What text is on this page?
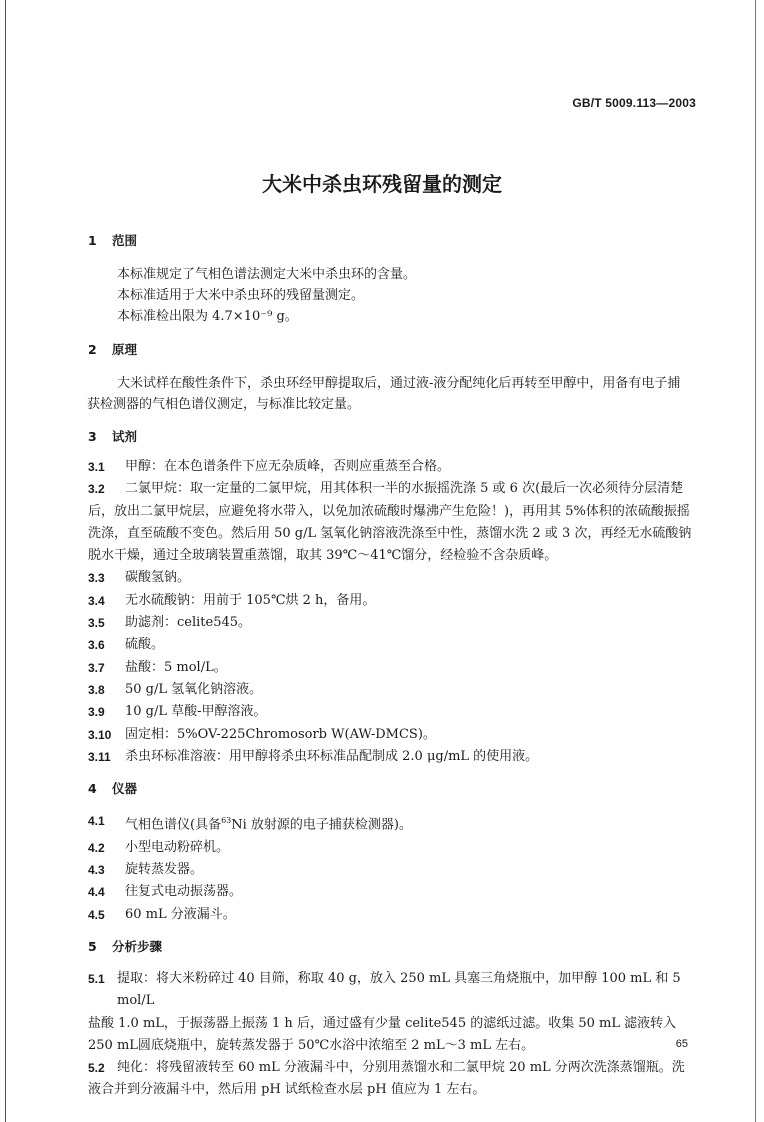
GB/T 5009.113—2003
大米中杀虫环残留量的测定
1	范围
本标准规定了气相色谱法测定大米中杀虫环的含量。
本标准适用于大米中杀虫环的残留量测定。
本标准检出限为 4.7×10⁻⁹ g。
2	原理
大米试样在酸性条件下，杀虫环经甲醇提取后，通过液-液分配纯化后再转至甲醇中，用备有电子捕
获检测器的气相色谱仪测定，与标准比较定量。
3	试剂
3.1	甲醇：在本色谱条件下应无杂质峰，否则应重蒸至合格。
3.2	二氯甲烷：取一定量的二氯甲烷，用其体积一半的水振摇洗涤 5 或 6 次(最后一次必须待分层清楚
后，放出二氯甲烷层，应避免将水带入，以免加浓硫酸时爆沸产生危险！)，再用其 5%体积的浓硫酸振摇
洗涤，直至硫酸不变色。然后用 50 g/L 氢氧化钠溶液洗涤至中性，蒸馏水洗 2 或 3 次，再经无水硫酸钠
脱水干燥，通过全玻璃装置重蒸馏，取其 39℃～41℃馏分，经检验不含杂质峰。
3.3	碳酸氢钠。
3.4	无水硫酸钠：用前于 105℃烘 2 h，备用。
3.5	助滤剂：celite545。
3.6	硫酸。
3.7	盐酸：5 mol/L。
3.8	50 g/L 氢氧化钠溶液。
3.9	10 g/L 草酸-甲醇溶液。
3.10	固定相：5%OV-225Chromosorb W(AW-DMCS)。
3.11	杀虫环标准溶液：用甲醇将杀虫环标准品配制成 2.0 μg/mL 的使用液。
4	仪器
4.1	气相色谱仪(具备$^{63}$Ni 放射源的电子捕获检测器)。
4.2	小型电动粉碎机。
4.3	旋转蒸发器。
4.4	往复式电动振荡器。
4.5	60 mL 分液漏斗。
5	分析步骤
5.1 提取：将大米粉碎过 40 目筛，称取 40 g，放入 250 mL 具塞三角烧瓶中，加甲醇 100 mL 和 5 mol/L
盐酸 1.0 mL，于振荡器上振荡 1 h 后，通过盛有少量 celite545 的滤纸过滤。收集 50 mL 滤液转入
250 mL圆底烧瓶中，旋转蒸发器于 50℃水浴中浓缩至 2 mL～3 mL 左右。
5.2 纯化：将残留液转至 60 mL 分液漏斗中，分别用蒸馏水和二氯甲烷 20 mL 分两次洗涤蒸馏瓶。洗
液合并到分液漏斗中，然后用 pH 试纸检查水层 pH 值应为 1 左右。
65
